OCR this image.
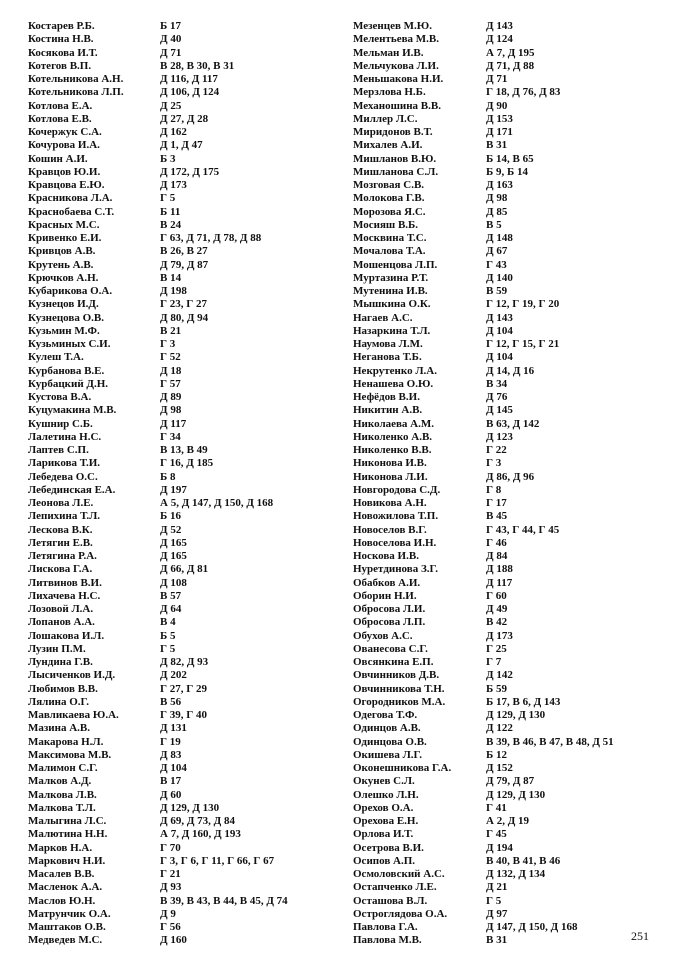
Костарев Р.Б.	Б 17
Костина Н.В.	Д 40
Косякова И.Т.	Д 71
Котегов В.П.	В 28, В 30, В 31
Котельникова А.Н.	Д 116, Д 117
Котельникова Л.П.	Д 106, Д 124
Котлова Е.А.	Д 25
Котлова Е.В.	Д 27, Д 28
Кочержук С.А.	Д 162
Кочурова И.А.	Д 1, Д 47
Кошин А.И.	Б 3
Кравцов Ю.И.	Д 172, Д 175
Кравцова Е.Ю.	Д 173
Красникова Л.А.	Г 5
Краснобаева С.Т.	Б 11
Красных М.С.	В 24
Кривенко Е.И.	Г 63, Д 71, Д 78, Д 88
Кривцов А.В.	В 26, В 27
Крутень А.В.	Д 79, Д 87
Крючков А.Н.	В 14
Кубарикова О.А.	Д 198
Кузнецов И.Д.	Г 23, Г 27
Кузнецова О.В.	Д 80, Д 94
Кузьмин М.Ф.	В 21
Кузьминых С.И.	Г 3
Кулеш Т.А.	Г 52
Курбанова В.Е.	Д 18
Курбацкий Д.Н.	Г 57
Кустова В.А.	Д 89
Куцумакина М.В.	Д 98
Кушнир С.Б.	Д 117
Лалетина Н.С.	Г 34
Лаптев С.П.	В 13, В 49
Ларикова Т.И.	Г 16, Д 185
Лебедева О.С.	Б 8
Лебединская Е.А.	Д 197
Леонова Л.Е.	А 5, Д 147, Д 150, Д 168
Лепихина Т.Л.	Б 16
Лескова В.К.	Д 52
Летягин Е.В.	Д 165
Летягина Р.А.	Д 165
Лискова Г.А.	Д 66, Д 81
Литвинов В.И.	Д 108
Лихачева Н.С.	В 57
Лозовой Л.А.	Д 64
Лопанов А.А.	В 4
Лошакова И.Л.	Б 5
Лузин П.М.	Г 5
Лундина Г.В.	Д 82, Д 93
Лысиченков И.Д.	Д 202
Любимов В.В.	Г 27, Г 29
Лялина О.Г.	В 56
Мавликаева Ю.А.	Г 39, Г 40
Мазина А.В.	Д 131
Макарова Н.Л.	Г 19
Максимова М.В.	Д 83
Малимон С.Г.	Д 104
Малков А.Д.	В 17
Малкова Л.В.	Д 60
Малкова Т.Л.	Д 129, Д 130
Малыгина Л.С.	Д 69, Д 73, Д 84
Малютина Н.Н.	А 7, Д 160, Д 193
Марков Н.А.	Г 70
Маркович Н.И.	Г 3, Г 6, Г 11, Г 66, Г 67
Масалев В.В.	Г 21
Масленок А.А.	Д 93
Маслов Ю.Н.	В 39, В 43, В 44, В 45, Д 74
Матрунчик О.А.	Д 9
Маштаков О.В.	Г 56
Медведев М.С.	Д 160
Мезенцев М.Ю.	Д 143
Мелентьева М.В.	Д 124
Мельман И.В.	А 7, Д 195
Мельчукова Л.И.	Д 71, Д 88
Меньшакова Н.И.	Д 71
Мерзлова Н.Б.	Г 18, Д 76, Д 83
Механошина В.В.	Д 90
Миллер Л.С.	Д 153
Миридонов В.Т.	Д 171
Михалев А.И.	В 31
Мишланов В.Ю.	Б 14, В 65
Мишланова С.Л.	Б 9, Б 14
Мозговая С.В.	Д 163
Молокова Г.В.	Д 98
Морозова Я.С.	Д 85
Мосияш В.Б.	В 5
Москвина Т.С.	Д 148
Мочалова Т.А.	Д 67
Мошенцова Л.П.	Г 43
Муртазина Р.Т.	Д 140
Мутенина И.В.	В 59
Мышкина О.К.	Г 12, Г 19, Г 20
Нагаев А.С.	Д 143
Назаркина Т.Л.	Д 104
Наумова Л.М.	Г 12, Г 15, Г 21
Неганова Т.Б.	Д 104
Некрутенко Л.А.	Д 14, Д 16
Ненашева О.Ю.	В 34
Нефёдов В.И.	Д 76
Никитин А.В.	Д 145
Николаева А.М.	В 63, Д 142
Николенко А.В.	Д 123
Николенко В.В.	Г 22
Никонова И.В.	Г 3
Никонова Л.И.	Д 86, Д 96
Новгородова С.Д.	Г 8
Новикова А.Н.	Г 17
Новожилова Т.П.	В 45
Новоселов В.Г.	Г 43, Г 44, Г 45
Новоселова И.Н.	Г 46
Носкова И.В.	Д 84
Нуретдинова З.Г.	Д 188
Обабков А.И.	Д 117
Оборин Н.И.	Г 60
Обросова Л.И.	Д 49
Обросова Л.П.	В 42
Обухов А.С.	Д 173
Ованесова С.Г.	Г 25
Овсянкина Е.П.	Г 7
Овчинников Д.В.	Д 142
Овчинникова Т.Н.	Б 59
Огородников М.А.	Б 17, В 6, Д 143
Одегова Т.Ф.	Д 129, Д 130
Одинцов А.В.	Д 122
Одинцова О.В.	В 39, В 46, В 47, В 48, Д 51
Окишева Л.Г.	Б 12
Оконешникова Г.А.	Д 152
Окунев С.Л.	Д 79, Д 87
Олешко Л.Н.	Д 129, Д 130
Орехов О.А.	Г 41
Орехова Е.Н.	А 2, Д 19
Орлова И.Т.	Г 45
Осетрова В.И.	Д 194
Осипов А.П.	В 40, В 41, В 46
Осмоловский А.С.	Д 132, Д 134
Остапченко Л.Е.	Д 21
Осташова В.Л.	Г 5
Остроглядова О.А.	Д 97
Павлова Г.А.	Д 147, Д 150, Д 168
Павлова М.В.	В 31	251
